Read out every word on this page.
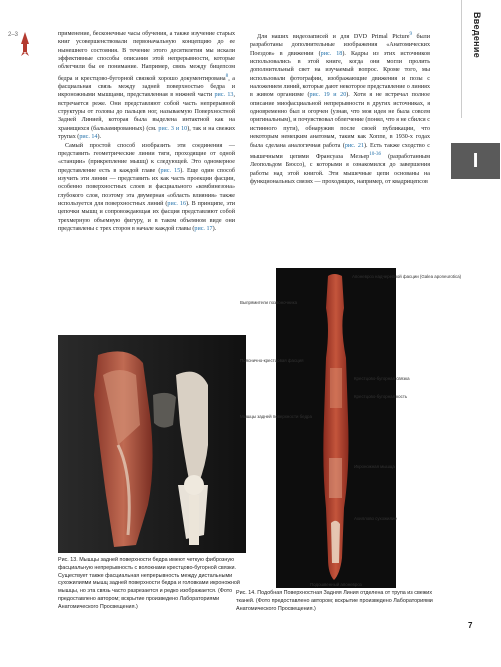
2–3	Введение
I

применение, бесконечные часы обучения, а также изучение старых книг усовершенствовали первоначальную концепцию до ее нынешнего состояния. В течение этого десятилетия мы искали эффективные способы описания этой непрерывности, которые облегчили бы ее понимание. Например, связь между бицепсом бедра и крестцово-бугорной связкой хорошо документирована$^8$, а фасциальная связь между задней поверхностью бедра и икроножными мышцами, представленная в нижней части рис. 13, встречается реже. Они представляют собой часть непрерывной структуры от головы до пальцев ног, называемую Поверхностной Задней Линией, которая была выделена интактной как на хранящихся (бальзамированных) (см. рис. 3 и 10), так и на свежих трупах (рис. 14).

Самый простой способ изобразить эти соединения — представить геометрические линии тяги, проходящие от одной «станции» (прикрепление мышц) к следующей. Это одномерное представление есть в каждой главе (рис. 15). Еще один способ изучить эти линии — представить их как часть проекции фасции, особенно поверхностных слоев и фасциального «комбинезона» глубокого слоя, поэтому эта двумерная «область влияния» также используется для поверхностных линий (рис. 16). В принципе, эти цепочки мышц и сопровождающая их фасция представляют собой трехмерную объемную фигуру, и в таком объемном виде они представлены с трех сторон в начале каждой главы (рис. 17).

Для наших видеозаписей и для DVD Primal Picture$^9$ были разработаны дополнительные изображения «Анатомических Поездов» в движении (рис. 18). Кадры из этих источников использовались в этой книге, когда они могли пролить дополнительный свет на изучаемый вопрос. Кроме того, мы использовали фотографии, изображающие движения и позы с наложением линий, которые дают некоторое представление о линиях в живом организме (рис. 19 и 20). Хотя я не встречал полное описание миофасциальной непрерывности в других источниках, я одновременно был и огорчен (узнав, что моя идея не была совсем оригинальным), и почувствовал облегчение (понял, что я не сбился с истинного пути), обнаружив после своей публикации, что некоторым немецким анатомам, таким как Хоппе, в 1930-х годах была сделана аналогичная работа (рис. 21). Есть также сходство с мышечными цепями Франсуаза Мезьер$^{10-36}$ (разработанным Леопольдом Бюссо), с которыми я ознакомился до завершения работы над этой книгой. Эти мышечные цепи основаны на функциональных связях — проходящих, например, от квадрицепсов

Рис. 13. Мышцы задней поверхности бедра имеют четкую фиброзную фасциальную непрерывность с волокнами крестцово-бугорной связки. Существует также фасциальная непрерывность между дистальными сухожилиями мышц задней поверхности бедра и головками икроножной мышцы, но эта связь часто разрезается и редко изображается. (Фото предоставлено автором; вскрытие произведено Лабораториями Анатомического Просвещения.)
Апоневроз надчерепной фасции (Galea aponeurotica)
Выпрямители позвоночника
Пояснично-крестцовая фасция
Крестцово-бугорная связка
Крестцово-бугорная кость
Мышцы задней поверхности бедра
Икроножная мышца
Ахиллово сухожилие
Подошвенный апоневроз
Рис. 14. Подобная Поверхностная Задняя Линия отделена от трупа из свежих тканей. (Фото предоставлено автором; вскрытие произведено Лабораториями Анатомического Просвещения.)
7
